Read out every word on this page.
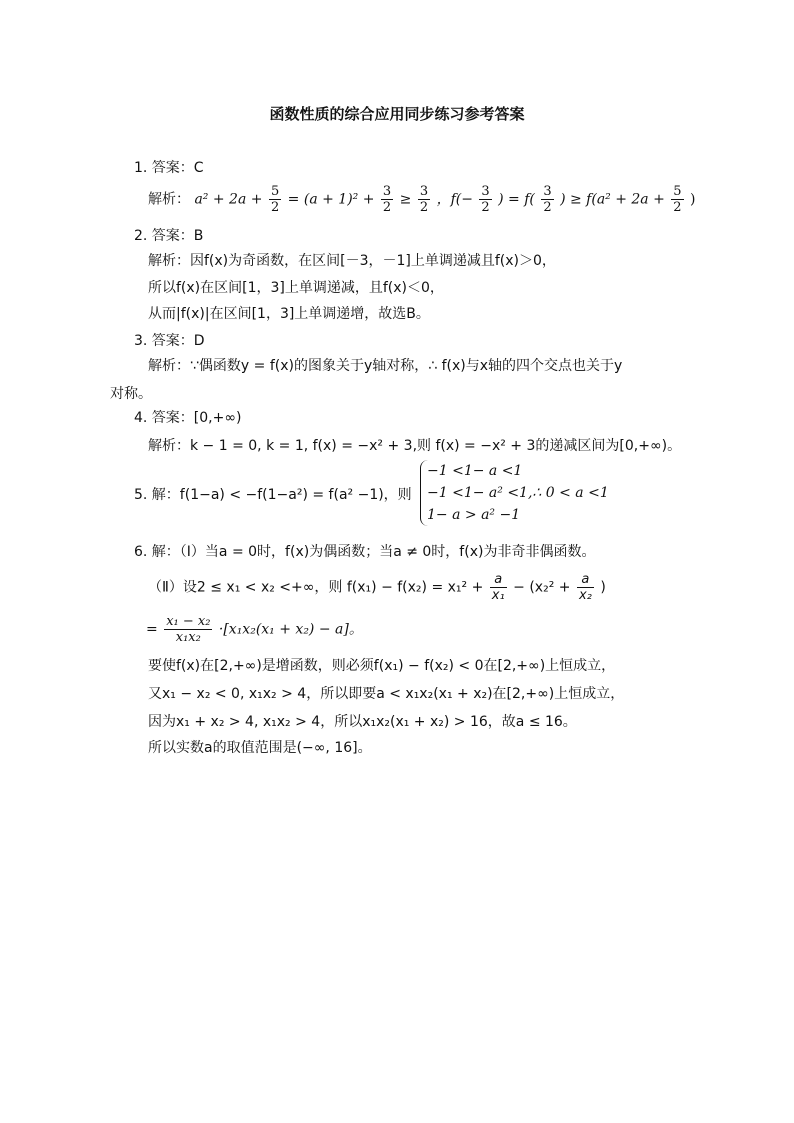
函数性质的综合应用同步练习参考答案
1. 答案：C
解析： $a^2 + 2a + \frac{5}{2} = (a + 1)^2 + \frac{3}{2} \ge \frac{3}{2}$ ，$f(- \frac{3}{2}$ ) = $f( \frac{3}{2}$ ) ≥ $f(a^2 + 2a + \frac{5}{2}$ )
2. 答案：B
解析：因f(x)为奇函数，在区间[－3，－1]上单调递减且f(x)＞0，
所以f(x)在区间[1，3]上单调递减，且f(x)＜0，
从而|f(x)|在区间[1，3]上单调递增，故选B。
3. 答案：D
解析：∵偶函数y = f(x)的图象关于y轴对称，∴ f(x)与x轴的四个交点也关于y
对称。
4. 答案：[0,+∞)
解析：k − 1 = 0, k = 1, f(x) = −x² + 3,则 f(x) = −x² + 3的递减区间为[0,+∞)。
5. 解：f(1−a) < −f(1−a²) = f(a² −1)，则
−1 <1− a <1
−1 <1− a² <1,∴ 0 < a <1
1− a > a² −1
6. 解：（Ⅰ）当a = 0时，f(x)为偶函数；当a ≠ 0时，f(x)为非奇非偶函数。
（Ⅱ）设2 ≤ x₁ < x₂ <+∞，则 $f(x_1) - f(x_2) = x_1^2 + \frac{a}{\text{x₁}} - (x_2^2 + \frac{a}{\text{x₂}}$ )
= $\frac{\text{x₁ − x₂}}{\text{x₁x₂}} \cdot[x_1x_2(x_1 + x_2) - a]$。
要使f(x)在[2,+∞)是增函数，则必须f(x₁) − f(x₂) < 0在[2,+∞)上恒成立，
又x₁ − x₂ < 0, x₁x₂ > 4，所以即要a < x₁x₂(x₁ + x₂)在[2,+∞)上恒成立，
因为x₁ + x₂ > 4, x₁x₂ > 4，所以x₁x₂(x₁ + x₂) > 16，故a ≤ 16。
所以实数a的取值范围是(−∞, 16]。
